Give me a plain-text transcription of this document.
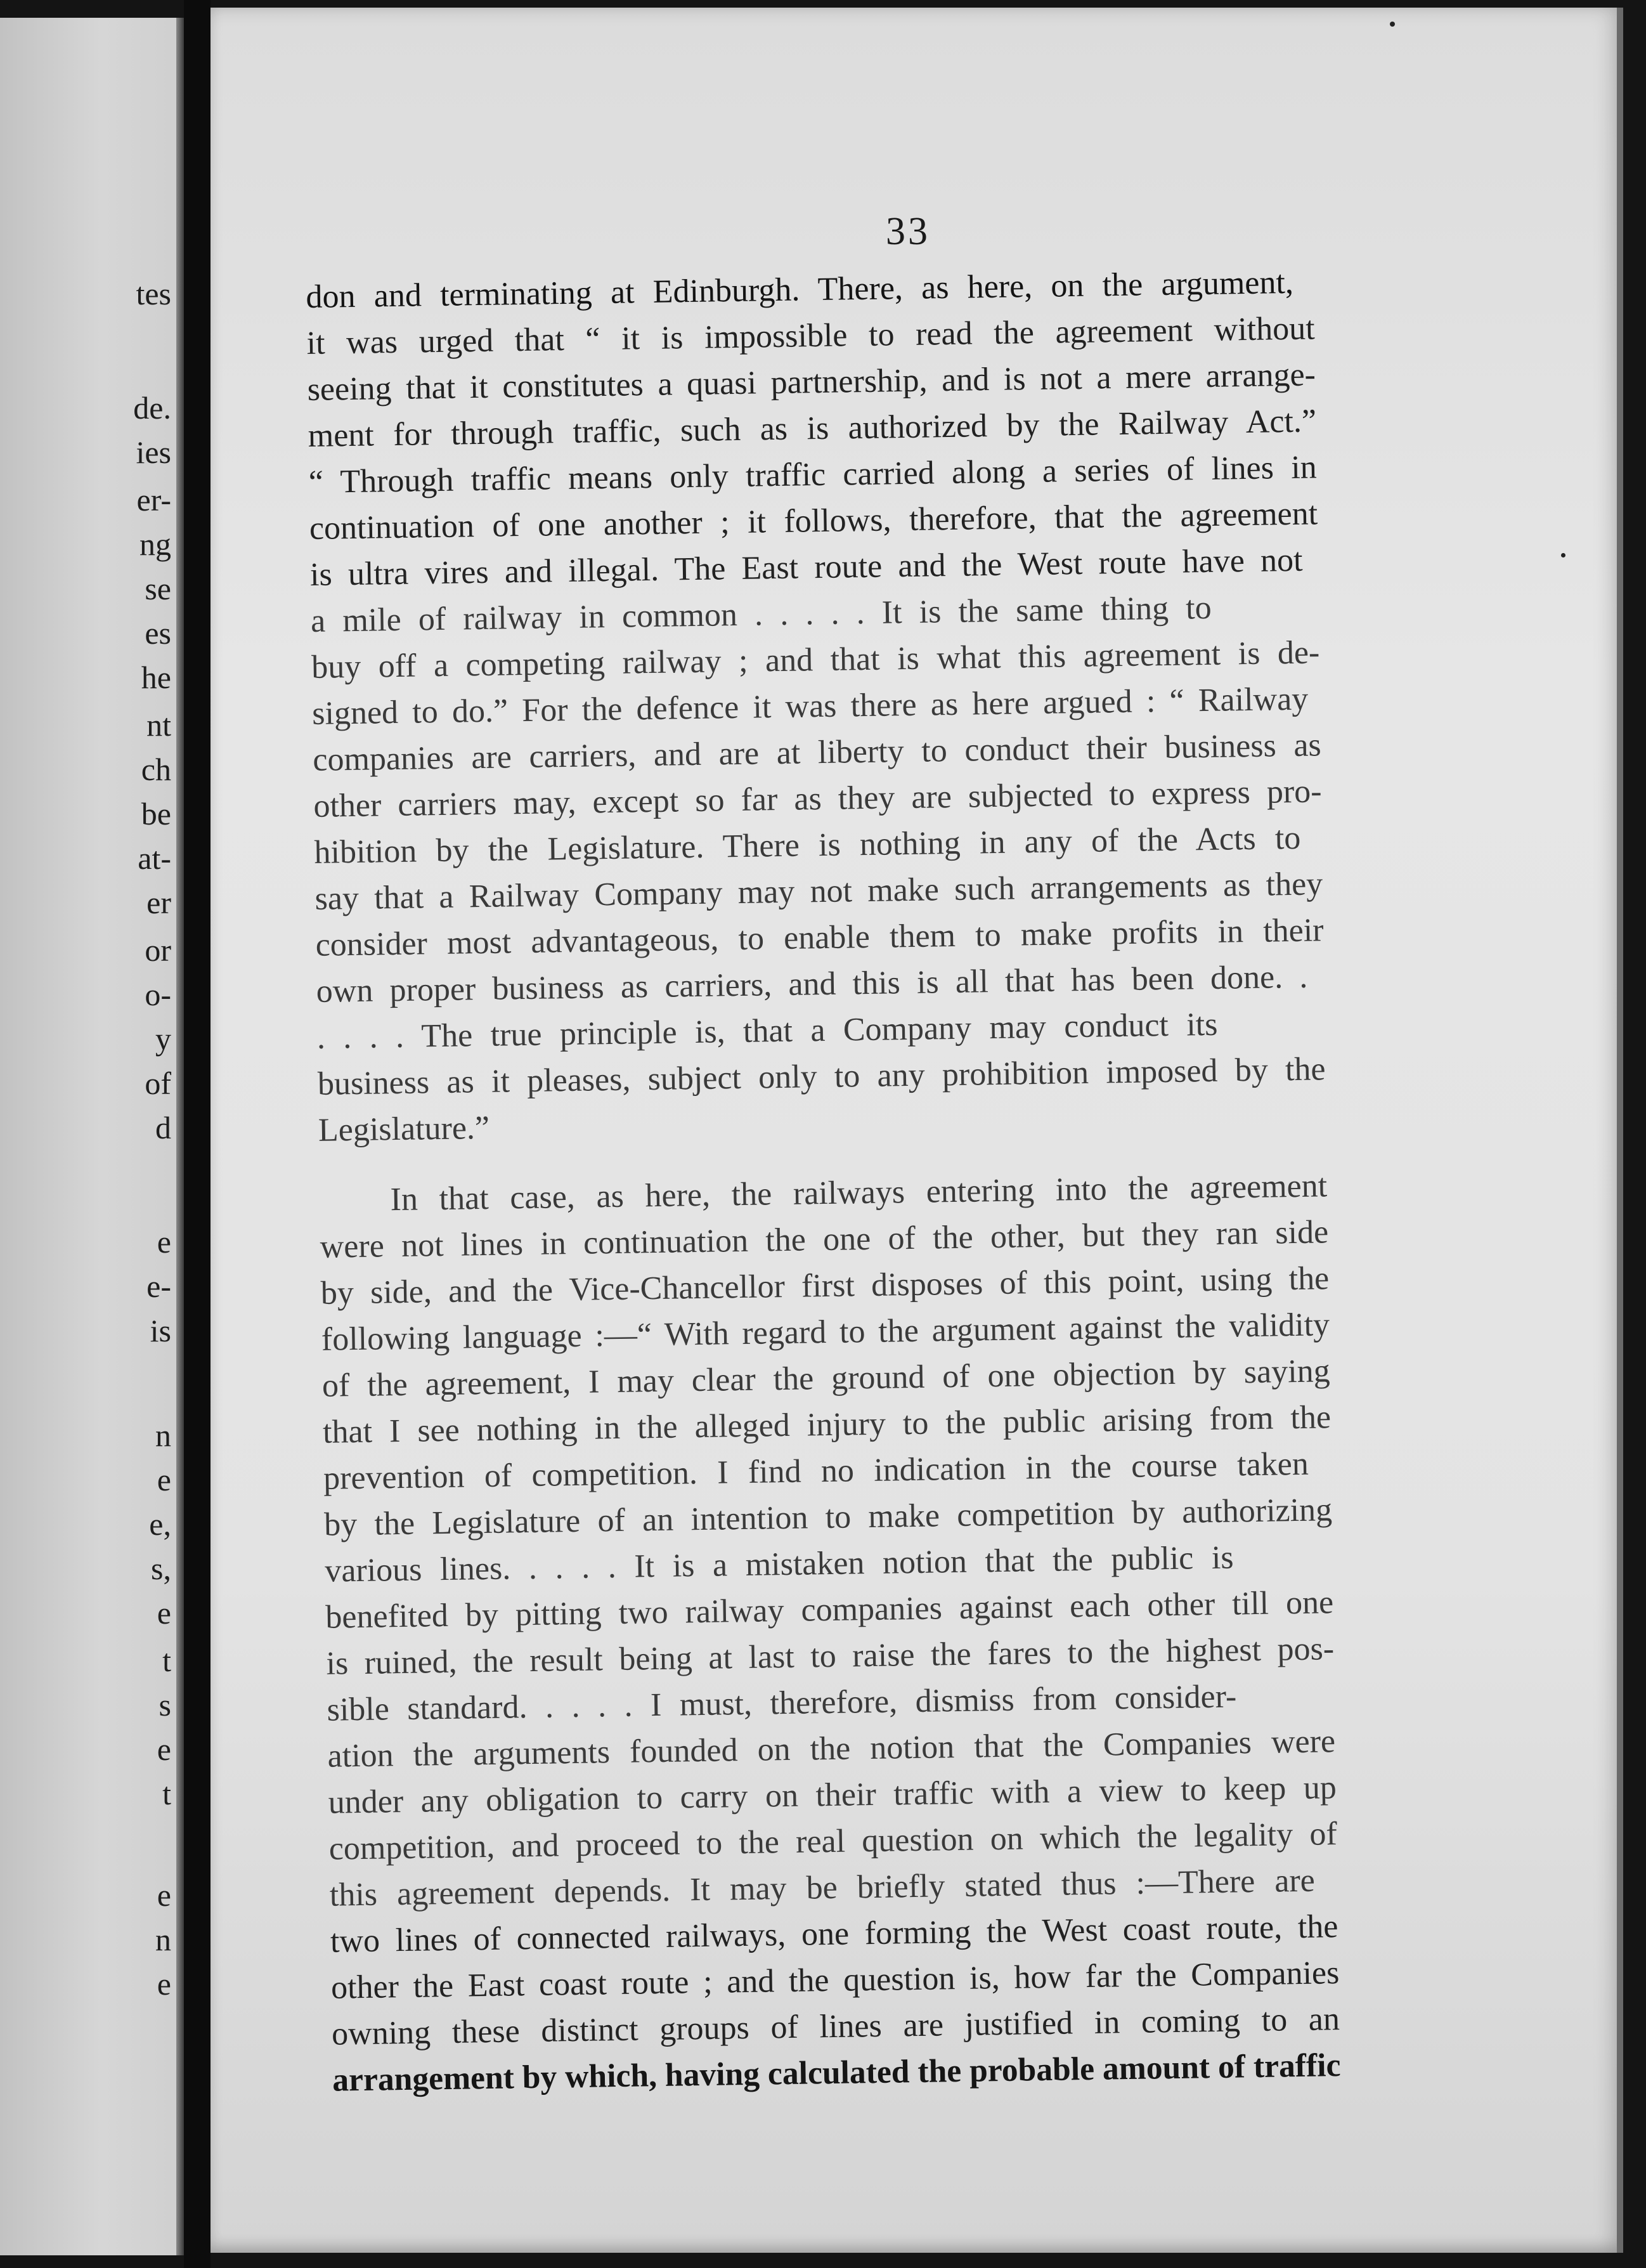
tes
de.
ies
er-
ng
se
es
he
nt
ch
be
at-
er
or
o-
y
of
d
e
e-
is
n
e
e,
s,
e
t
s
e
t
e
n
e
33
don and terminating at Edinburgh. There, as here, on the argument,
it was urged that “ it is impossible to read the agreement without
seeing that it constitutes a quasi partnership, and is not a mere arrange-
ment for through traffic, such as is authorized by the Railway Act.”
“ Through traffic means only traffic carried along a series of lines in
continuation of one another ; it follows, therefore, that the agreement
is ultra vires and illegal. The East route and the West route have not
a mile of railway in common . . . . . It is the same thing to
buy off a competing railway ; and that is what this agreement is de-
signed to do.” For the defence it was there as here argued : “ Railway
companies are carriers, and are at liberty to conduct their business as
other carriers may, except so far as they are subjected to express pro-
hibition by the Legislature. There is nothing in any of the Acts to
say that a Railway Company may not make such arrangements as they
consider most advantageous, to enable them to make profits in their
own proper business as carriers, and this is all that has been done. .
. . . . The true principle is, that a Company may conduct its
business as it pleases, subject only to any prohibition imposed by the
Legislature.”
In that case, as here, the railways entering into the agreement
were not lines in continuation the one of the other, but they ran side
by side, and the Vice-Chancellor first disposes of this point, using the
following language :—“ With regard to the argument against the validity
of the agreement, I may clear the ground of one objection by saying
that I see nothing in the alleged injury to the public arising from the
prevention of competition. I find no indication in the course taken
by the Legislature of an intention to make competition by authorizing
various lines. . . . . It is a mistaken notion that the public is
benefited by pitting two railway companies against each other till one
is ruined, the result being at last to raise the fares to the highest pos-
sible standard. . . . . I must, therefore, dismiss from consider-
ation the arguments founded on the notion that the Companies were
under any obligation to carry on their traffic with a view to keep up
competition, and proceed to the real question on which the legality of
this agreement depends. It may be briefly stated thus :—There are
two lines of connected railways, one forming the West coast route, the
other the East coast route ; and the question is, how far the Companies
owning these distinct groups of lines are justified in coming to an
arrangement by which, having calculated the probable amount of traffic
